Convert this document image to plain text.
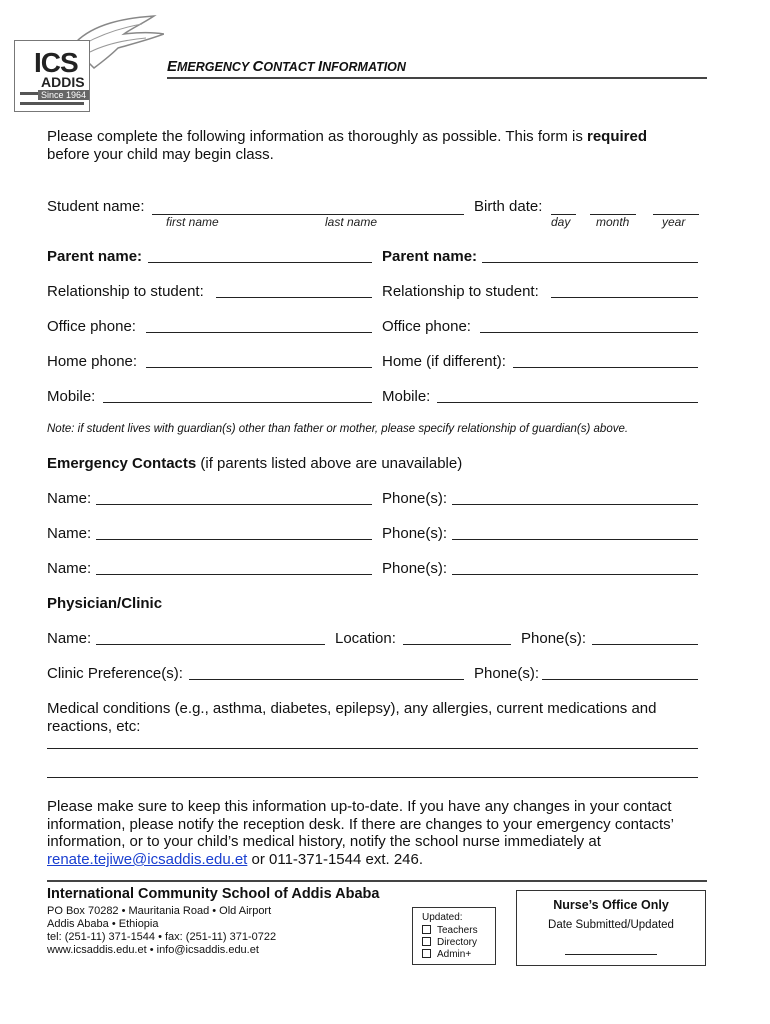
ICS
ADDIS
Since 1964
EMERGENCY CONTACT INFORMATION
Please complete the following information as thoroughly as possible. This form is required
before your child may begin class.
Student name:
first name	last name
Birth date:
day month	year
Parent name:	Parent name:
Relationship to student:	Relationship to student:
Office phone:	Office phone:
Home phone:	Home (if different):
Mobile:	Mobile:
Note: if student lives with guardian(s) other than father or mother, please specify relationship of guardian(s) above.
Emergency Contacts (if parents listed above are unavailable)
Name:	Phone(s):
Name:	Phone(s):
Name:	Phone(s):
Physician/Clinic
Name:	Location:	Phone(s):
Clinic Preference(s):	Phone(s):
Medical conditions (e.g., asthma, diabetes, epilepsy), any allergies, current medications and
reactions, etc:
Please make sure to keep this information up-to-date. If you have any changes in your contact
information, please notify the reception desk. If there are changes to your emergency contacts’
information, or to your child’s medical history, notify the school nurse immediately at
renate.tejiwe@icsaddis.edu.et or 011-371-1544 ext. 246.
International Community School of Addis Ababa
PO Box 70282 • Mauritania Road • Old Airport
Addis Ababa • Ethiopia
tel: (251-11) 371-1544 • fax: (251-11) 371-0722
www.icsaddis.edu.et • info@icsaddis.edu.et
Updated:
Teachers
Directory
Admin+
Nurse’s Office Only
Date Submitted/Updated
